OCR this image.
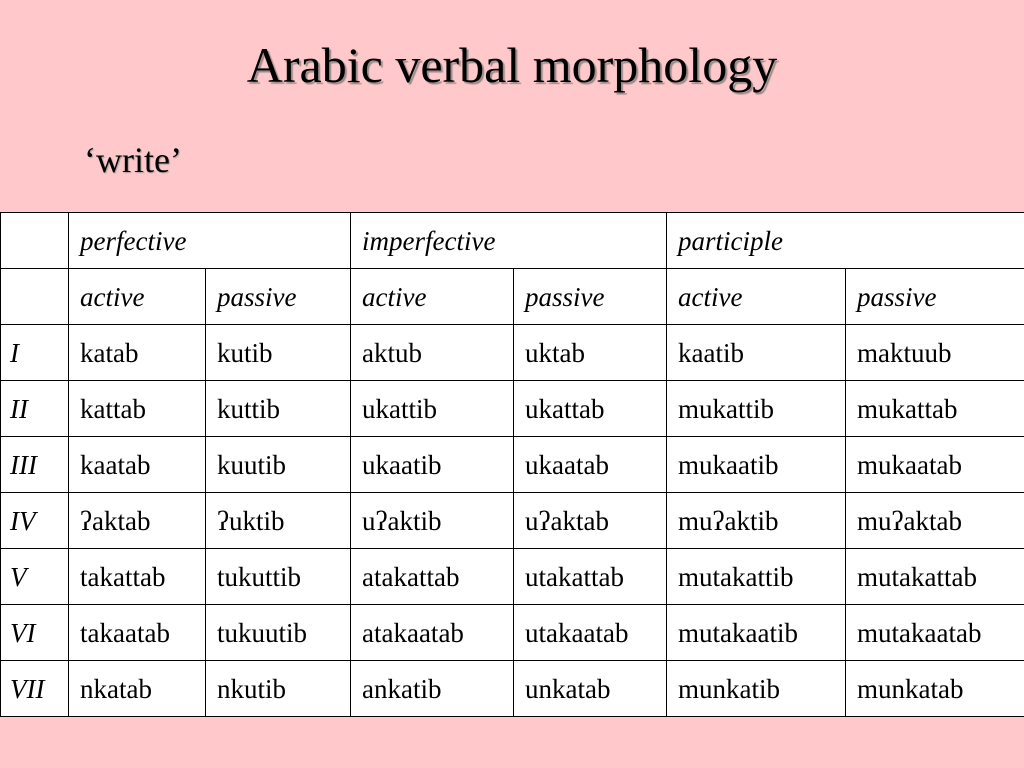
Arabic verbal morphology
‘write’
	perfective		imperfective		participle	
	active	passive	active	passive	active	passive
I	katab	kutib	aktub	uktab	kaatib	maktuub
II	kattab	kuttib	ukattib	ukattab	mukattib	mukattab
III	kaatab	kuutib	ukaatib	ukaatab	mukaatib	mukaatab
IV	ʔaktab	ʔuktib	uʔaktib	uʔaktab	muʔaktib	muʔaktab
V	takattab	tukuttib	atakattab	utakattab	mutakattib	mutakattab
VI	takaatab	tukuutib	atakaatab	utakaatab	mutakaatib	mutakaatab
VII	nkatab	nkutib	ankatib	unkatab	munkatib	munkatab
